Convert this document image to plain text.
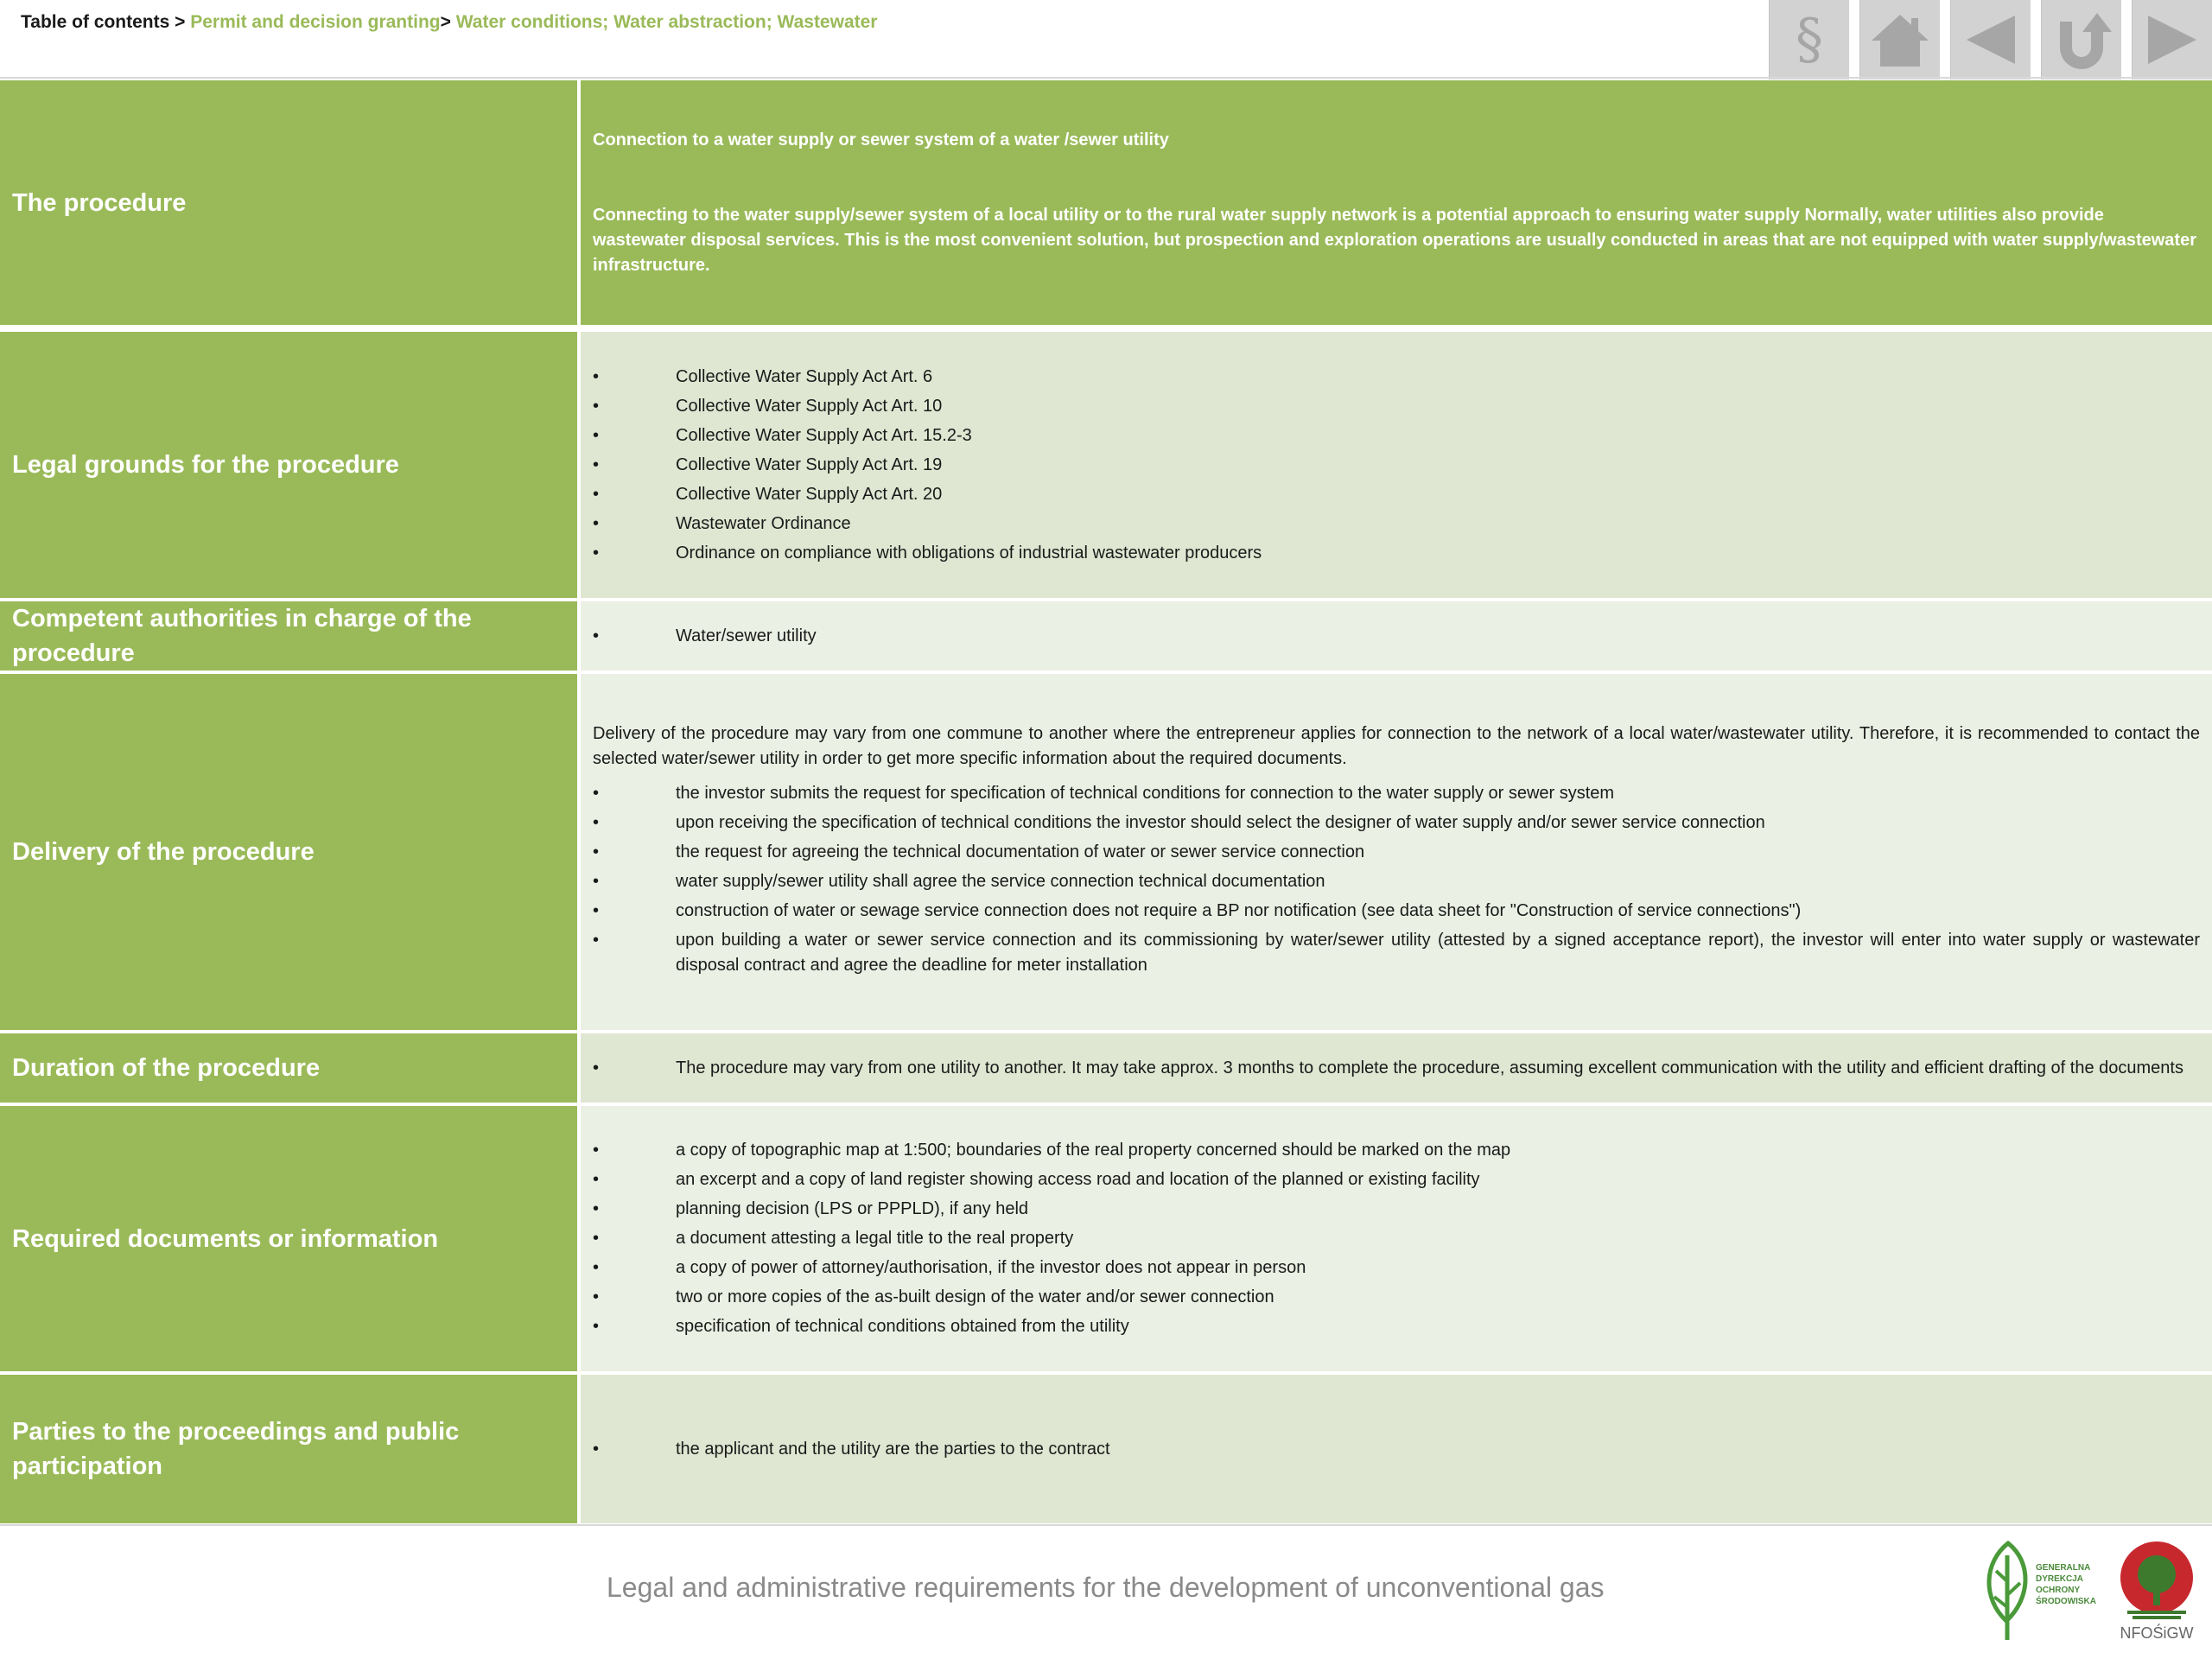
Table of contents > Permit and decision granting> Water conditions; Water abstraction; Wastewater	§
The procedure
Connection to a water supply or sewer system of a water /sewer utility
Connecting to the water supply/sewer system of a local utility or to the rural water supply network is a potential approach to ensuring water supply Normally, water utilities also provide wastewater disposal services. This is the most convenient solution, but prospection and exploration operations are usually conducted in areas that are not equipped with water supply/wastewater infrastructure.
Legal grounds for the procedure
• Collective Water Supply Act Art. 6
• Collective Water Supply Act Art. 10
• Collective Water Supply Act Art. 15.2-3
• Collective Water Supply Act Art. 19
• Collective Water Supply Act Art. 20
• Wastewater Ordinance
• Ordinance on compliance with obligations of industrial wastewater producers
Competent authorities in charge of the procedure
• Water/sewer utility
Delivery of the procedure

Delivery of the procedure may vary from one commune to another where the entrepreneur applies for connection to the network of a local water/wastewater utility. Therefore, it is recommended to contact the selected water/sewer utility in order to get more specific information about the required documents.

• the investor submits the request for specification of technical conditions for connection to the water supply or sewer system
• upon receiving the specification of technical conditions the investor should select the designer of water supply and/or sewer service connection
• the request for agreeing the technical documentation of water or sewer service connection
• water supply/sewer utility shall agree the service connection technical documentation
• construction of water or sewage service connection does not require a BP nor notification (see data sheet for "Construction of service connections")
• upon building a water or sewer service connection and its commissioning by water/sewer utility (attested by a signed acceptance report), the investor will enter into water supply or wastewater disposal contract and agree the deadline for meter installation
Duration of the procedure
•	The procedure may vary from one utility to another. It may take approx. 3 months to complete the procedure, assuming excellent communication with the utility and efficient drafting of the documents
Required documents or information
• a copy of topographic map at 1:500; boundaries of the real property concerned should be marked on the map
• an excerpt and a copy of land register showing access road and location of the planned or existing facility
• planning decision (LPS or PPPLD), if any held
• a document attesting a legal title to the real property
• a copy of power of attorney/authorisation, if the investor does not appear in person
• two or more copies of the as-built design of the water and/or sewer connection
• specification of technical conditions obtained from the utility
Parties to the proceedings and public participation
• the applicant and the utility are the parties to the contract
Legal and administrative requirements for the development of unconventional gas
GENERALNA DYREKCJA OCHRONY ŚRODOWISKA
NFOŚiGW
